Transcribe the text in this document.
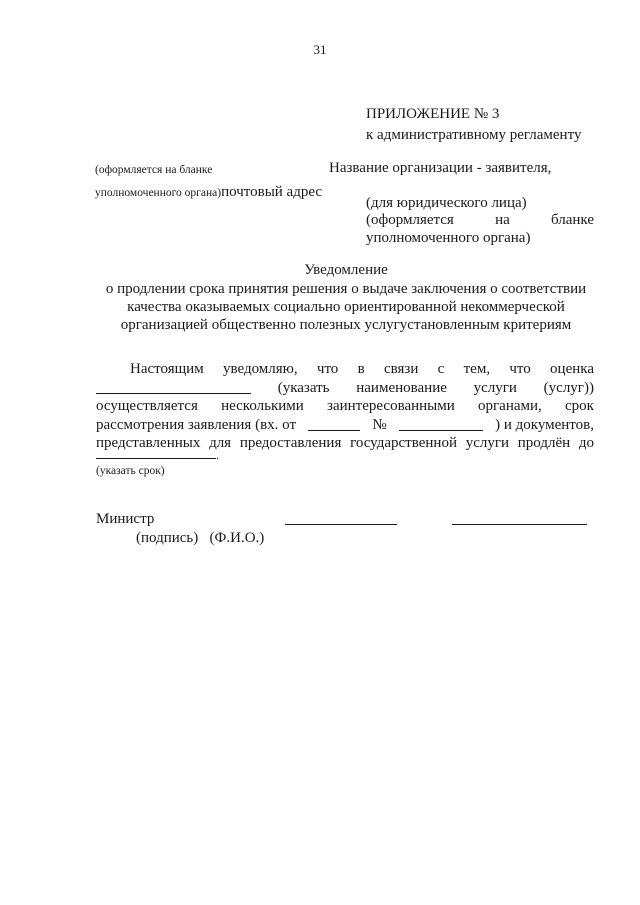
31
ПРИЛОЖЕНИЕ № 3
к административному регламенту
(оформляется на бланке
уполномоченного органа)почтовый адрес
Название организации - заявителя,
(для юридического лица)
(оформляется	на	бланке
уполномоченного органа)
Уведомление
о продлении срока принятия решения о выдаче заключения о соответствии
качества оказываемых социально ориентированной некоммерческой
организацией общественно полезных услугустановленным критериям
Настоящим уведомляю, что в связи с тем, что оценка
(указать наименование услуги (услуг))
осуществляется несколькими заинтересованными органами, срок
рассмотрения заявления (вх. от	№	) и документов,
представленных для предоставления государственной услуги продлён до
.
(указать срок)
Министр
(подпись) (Ф.И.О.)
